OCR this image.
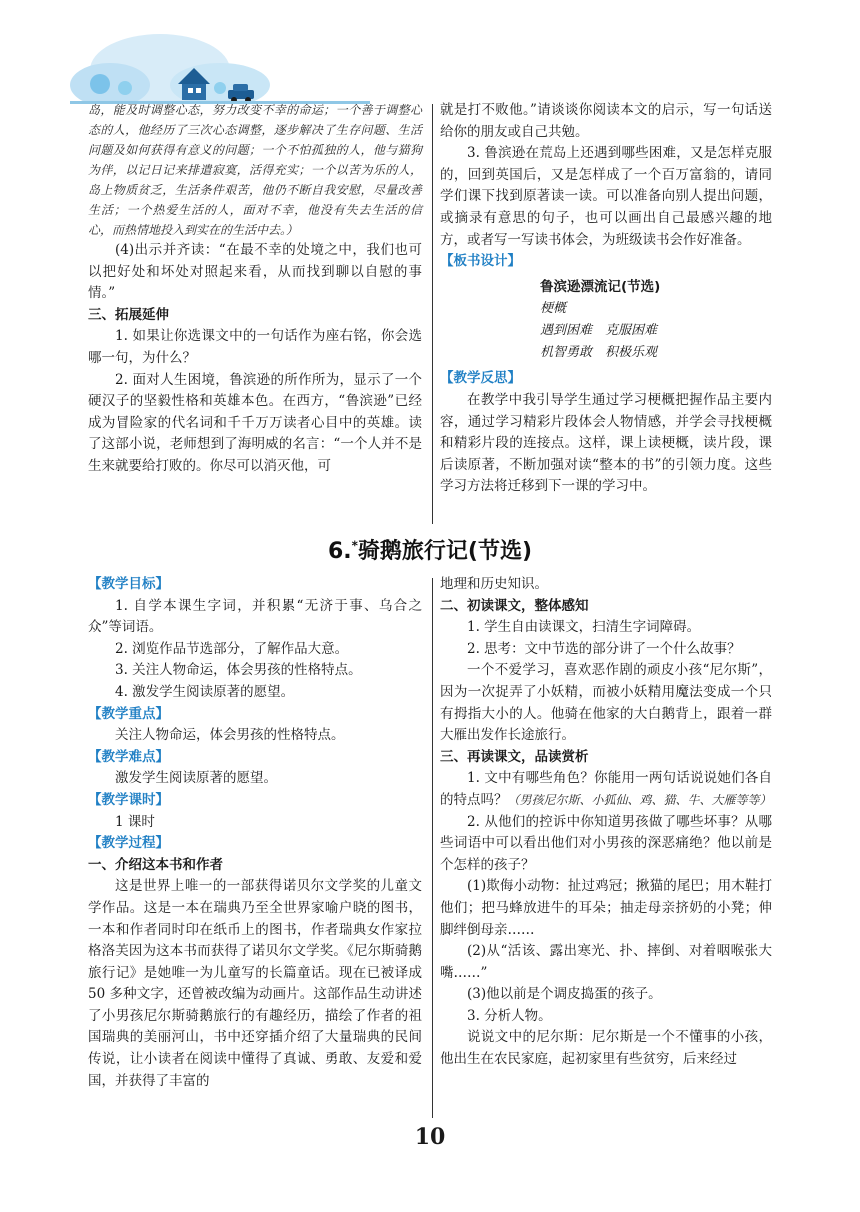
岛，能及时调整心态，努力改变不幸的命运；一个善于调整心态的人，他经历了三次心态调整，逐步解决了生存问题、生活问题及如何获得有意义的问题；一个不怕孤独的人，他与猫狗为伴，以记日记来排遣寂寞，活得充实；一个以苦为乐的人，岛上物质贫乏，生活条件艰苦，他仍不断自我安慰，尽量改善生活；一个热爱生活的人，面对不幸，他没有失去生活的信心，而热情地投入到实在的生活中去。）

(4)出示并齐读：“在最不幸的处境之中，我们也可以把好处和坏处对照起来看，从而找到聊以自慰的事情。”

三、拓展延伸

1. 如果让你选课文中的一句话作为座右铭，你会选哪一句，为什么？

2. 面对人生困境，鲁滨逊的所作所为，显示了一个硬汉子的坚毅性格和英雄本色。在西方，“鲁滨逊”已经成为冒险家的代名词和千千万万读者心目中的英雄。读了这部小说，老师想到了海明威的名言：“一个人并不是生来就要给打败的。你尽可以消灭他，可

就是打不败他。”请谈谈你阅读本文的启示，写一句话送给你的朋友或自己共勉。

3. 鲁滨逊在荒岛上还遇到哪些困难，又是怎样克服的，回到英国后，又是怎样成了一个百万富翁的，请同学们课下找到原著读一读。可以准备向别人提出问题，或摘录有意思的句子，也可以画出自己最感兴趣的地方，或者写一写读书体会，为班级读书会作好准备。

【板书设计】

鲁滨逊漂流记(节选)
梗概
遇到困难　克服困难
机智勇敢　积极乐观

【教学反思】

在教学中我引导学生通过学习梗概把握作品主要内容，通过学习精彩片段体会人物情感，并学会寻找梗概和精彩片段的连接点。这样，课上读梗概，读片段，课后读原著，不断加强对读“整本的书”的引领力度。这些学习方法将迁移到下一课的学习中。

6.*骑鹅旅行记(节选)

【教学目标】

1. 自学本课生字词，并积累“无济于事、乌合之众”等词语。

2. 浏览作品节选部分，了解作品大意。

3. 关注人物命运，体会男孩的性格特点。

4. 激发学生阅读原著的愿望。

【教学重点】

关注人物命运，体会男孩的性格特点。

【教学难点】

激发学生阅读原著的愿望。

【教学课时】

1 课时

【教学过程】

一、介绍这本书和作者

这是世界上唯一的一部获得诺贝尔文学奖的儿童文学作品。这是一本在瑞典乃至全世界家喻户晓的图书，一本和作者同时印在纸币上的图书，作者瑞典女作家拉格洛芙因为这本书而获得了诺贝尔文学奖。《尼尔斯骑鹅旅行记》是她唯一为儿童写的长篇童话。现在已被译成 50 多种文字，还曾被改编为动画片。这部作品生动讲述了小男孩尼尔斯骑鹅旅行的有趣经历，描绘了作者的祖国瑞典的美丽河山，书中还穿插介绍了大量瑞典的民间传说，让小读者在阅读中懂得了真诚、勇敢、友爱和爱国，并获得了丰富的

地理和历史知识。

二、初读课文，整体感知

1. 学生自由读课文，扫清生字词障碍。

2. 思考：文中节选的部分讲了一个什么故事？

一个不爱学习，喜欢恶作剧的顽皮小孩“尼尔斯”，因为一次捉弄了小妖精，而被小妖精用魔法变成一个只有拇指大小的人。他骑在他家的大白鹅背上，跟着一群大雁出发作长途旅行。

三、再读课文，品读赏析

1. 文中有哪些角色？你能用一两句话说说她们各自的特点吗？（男孩尼尔斯、小狐仙、鸡、猫、牛、大雁等等）

2. 从他们的控诉中你知道男孩做了哪些坏事？从哪些词语中可以看出他们对小男孩的深恶痛绝？他以前是个怎样的孩子？

(1)欺侮小动物：扯过鸡冠；揪猫的尾巴；用木鞋打他们；把马蜂放进牛的耳朵；抽走母亲挤奶的小凳；伸脚绊倒母亲……

(2)从“活该、露出寒光、扑、摔倒、对着咽喉张大嘴……”

(3)他以前是个调皮捣蛋的孩子。

3. 分析人物。

说说文中的尼尔斯：尼尔斯是一个不懂事的小孩，他出生在农民家庭，起初家里有些贫穷，后来经过

10
